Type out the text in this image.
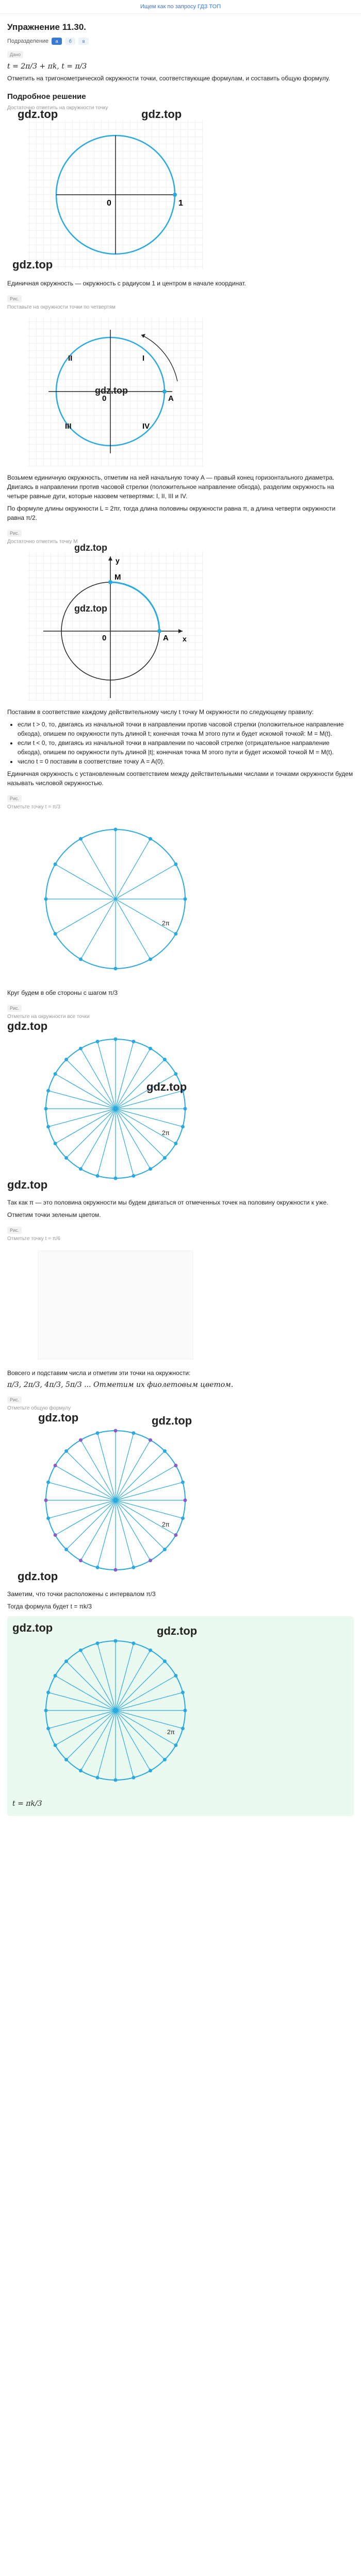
Ищем как по запросу ГДЗ ТОП
Упражнение 11.30.
Подразделение	а	б	в
Дано
t = 2π/3 + πk, t = π/3

Отметить на тригонометрической окружности точки, соответствующие формулам, и составить общую формулу.

Подробное решение
Достаточно отметить на окружности точку
0	1
gdz.top	gdz.top
gdz.top

Единичная окружность — окружность с радиусом 1 и центром в начале координат.

Рис.
Поставьте на окружности точки по четвертям
I
II
III	IV
0	A
gdz.top

Возьмем единичную окружность, отметим на ней начальную точку A — правый конец горизонтального диаметра. Двигаясь в направлении против часовой стрелки (положительное направление обхода), разделим окружность на четыре равные дуги, которые назовем четвертями: I, II, III и IV.

По формуле длины окружности L = 2πr, тогда длина половины окружности равна π, а длина четверти окружности равна π/2.

Рис.
Достаточно отметить точку M
y
x
0	A
M
gdz.top
gdz.top

Поставим в соответствие каждому действительному числу t точку M окружности по следующему правилу:

• если t > 0, то, двигаясь из начальной точки в направлении против часовой стрелки (положительное направление обхода), опишем по окружности путь длиной t; конечная точка M этого пути и будет искомой точкой: M = M(t).
• если t < 0, то, двигаясь из начальной точки в направлении по часовой стрелке (отрицательное направление обхода), опишем по окружности путь длиной |t|; конечная точка M этого пути и будет искомой точкой M = M(t).
• число t = 0 поставим в соответствие точку A = A(0).

Единичная окружность с установленным соответствием между действительными числами и точками окружности будем называть числовой окружностью.

Рис.
Отметьте точку t = π/3
2π

Круг будем в обе стороны с шагом π/3

Рис.
Отметьте на окружности все точки
gdz.top
gdz.top
gdz.top
2π

Так как π — это половина окружности мы будем двигаться от отмеченных точек на половину окружности к уже.

Отметим точки зеленым цветом.

Рис.
Отметьте точку t = π/6

Вовсего и подставим числа и отметим эти точки на окружности:

π/3, 2π/3, 4π/3, 5π/3 ... Отметим их фиолетовым цветом.
Рис.
Отметьте общую формулу
gdz.top	gdz.top
gdz.top
2π

Заметим, что точки расположены с интервалом π/3

Тогда формула будет t = πk/3

gdz.top	gdz.top
2π
t = πk/3
